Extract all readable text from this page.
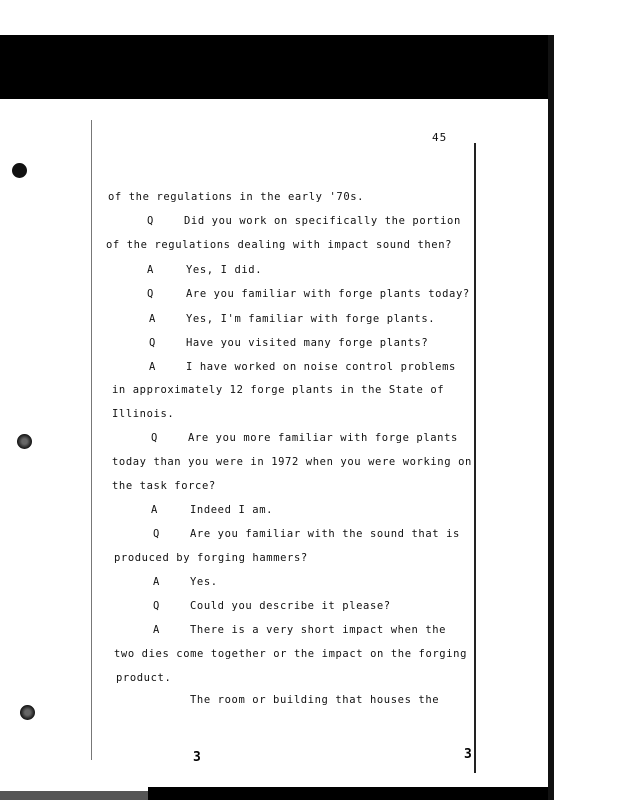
45
of the regulations in the early '70s.
Q	Did you work on specifically the portion
of the regulations dealing with impact sound then?
A	Yes, I did.
Q	Are you familiar with forge plants today?
A	Yes, I'm familiar with forge plants.
Q	Have you visited many forge plants?
A	I have worked on noise control problems
in approximately 12 forge plants in the State of
Illinois.
Q	Are you more familiar with forge plants
today than you were in 1972 when you were working on
the task force?
A	Indeed I am.
Q	Are you familiar with the sound that is
produced by forging hammers?
A	Yes.
Q	Could you describe it please?
A	There is a very short impact when the
two dies come together or the impact on the forging
product.
The room or building that houses the
3	3
